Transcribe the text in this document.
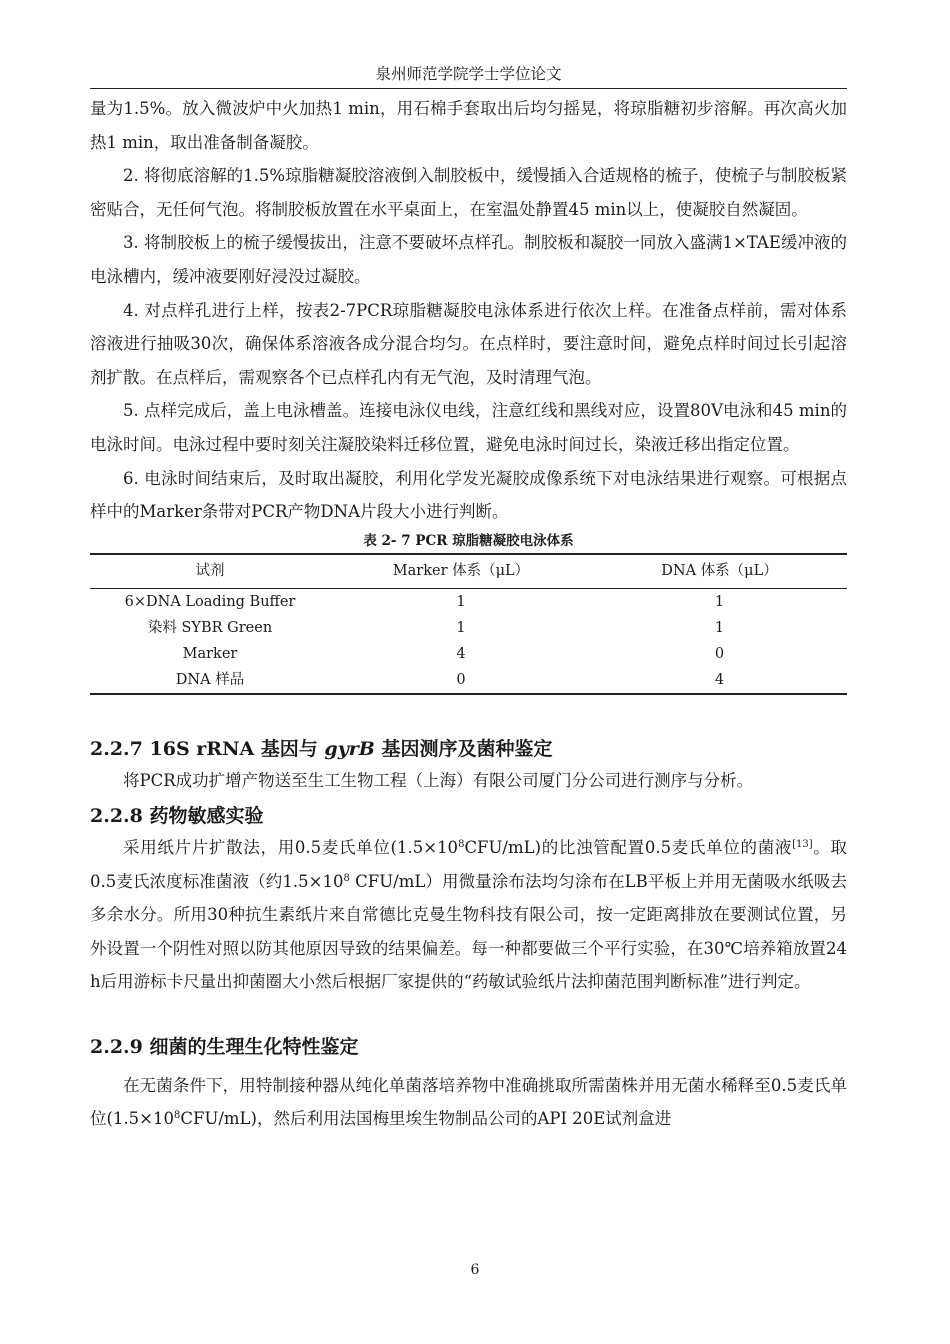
泉州师范学院学士学位论文

量为1.5%。放入微波炉中火加热1 min，用石棉手套取出后均匀摇晃，将琼脂糖初步溶解。再次高火加热1 min，取出准备制备凝胶。

2. 将彻底溶解的1.5%琼脂糖凝胶溶液倒入制胶板中，缓慢插入合适规格的梳子，使梳子与制胶板紧密贴合，无任何气泡。将制胶板放置在水平桌面上，在室温处静置45 min以上，使凝胶自然凝固。

3. 将制胶板上的梳子缓慢拔出，注意不要破坏点样孔。制胶板和凝胶一同放入盛满1×TAE缓冲液的电泳槽内，缓冲液要刚好浸没过凝胶。

4. 对点样孔进行上样，按表2-7PCR琼脂糖凝胶电泳体系进行依次上样。在准备点样前，需对体系溶液进行抽吸30次，确保体系溶液各成分混合均匀。在点样时，要注意时间，避免点样时间过长引起溶剂扩散。在点样后，需观察各个已点样孔内有无气泡，及时清理气泡。

5. 点样完成后，盖上电泳槽盖。连接电泳仪电线，注意红线和黑线对应，设置80V电泳和45 min的电泳时间。电泳过程中要时刻关注凝胶染料迁移位置，避免电泳时间过长，染液迁移出指定位置。

6. 电泳时间结束后，及时取出凝胶，利用化学发光凝胶成像系统下对电泳结果进行观察。可根据点样中的Marker条带对PCR产物DNA片段大小进行判断。

表 2- 7 PCR 琼脂糖凝胶电泳体系
试剂	Marker 体系（μL）	DNA 体系（μL）
6×DNA Loading Buffer	1	1
染料 SYBR Green	1	1
Marker	4	0
DNA 样品	0	4
2.2.7 16S rRNA 基因与 gyrB 基因测序及菌种鉴定

将PCR成功扩增产物送至生工生物工程（上海）有限公司厦门分公司进行测序与分析。

2.2.8 药物敏感实验

采用纸片片扩散法，用0.5麦氏单位$(1.5\times 10^8CFU/mL)$的比浊管配置0.5麦氏单位的菌液[13]。取0.5麦氏浓度标准菌液（约$1.5\times 10^8$ CFU/mL）用微量涂布法均匀涂布在LB平板上并用无菌吸水纸吸去多余水分。所用30种抗生素纸片来自常德比克曼生物科技有限公司，按一定距离排放在要测试位置，另外设置一个阴性对照以防其他原因导致的结果偏差。每一种都要做三个平行实验，在30℃培养箱放置24 h后用游标卡尺量出抑菌圈大小然后根据厂家提供的“药敏试验纸片法抑菌范围判断标准”进行判定。

2.2.9 细菌的生理生化特性鉴定

在无菌条件下，用特制接种器从纯化单菌落培养物中准确挑取所需菌株并用无菌水稀释至0.5麦氏单位$(1.5\times 10^8CFU/mL)$，然后利用法国梅里埃生物制品公司的API 20E试剂盒进

6
